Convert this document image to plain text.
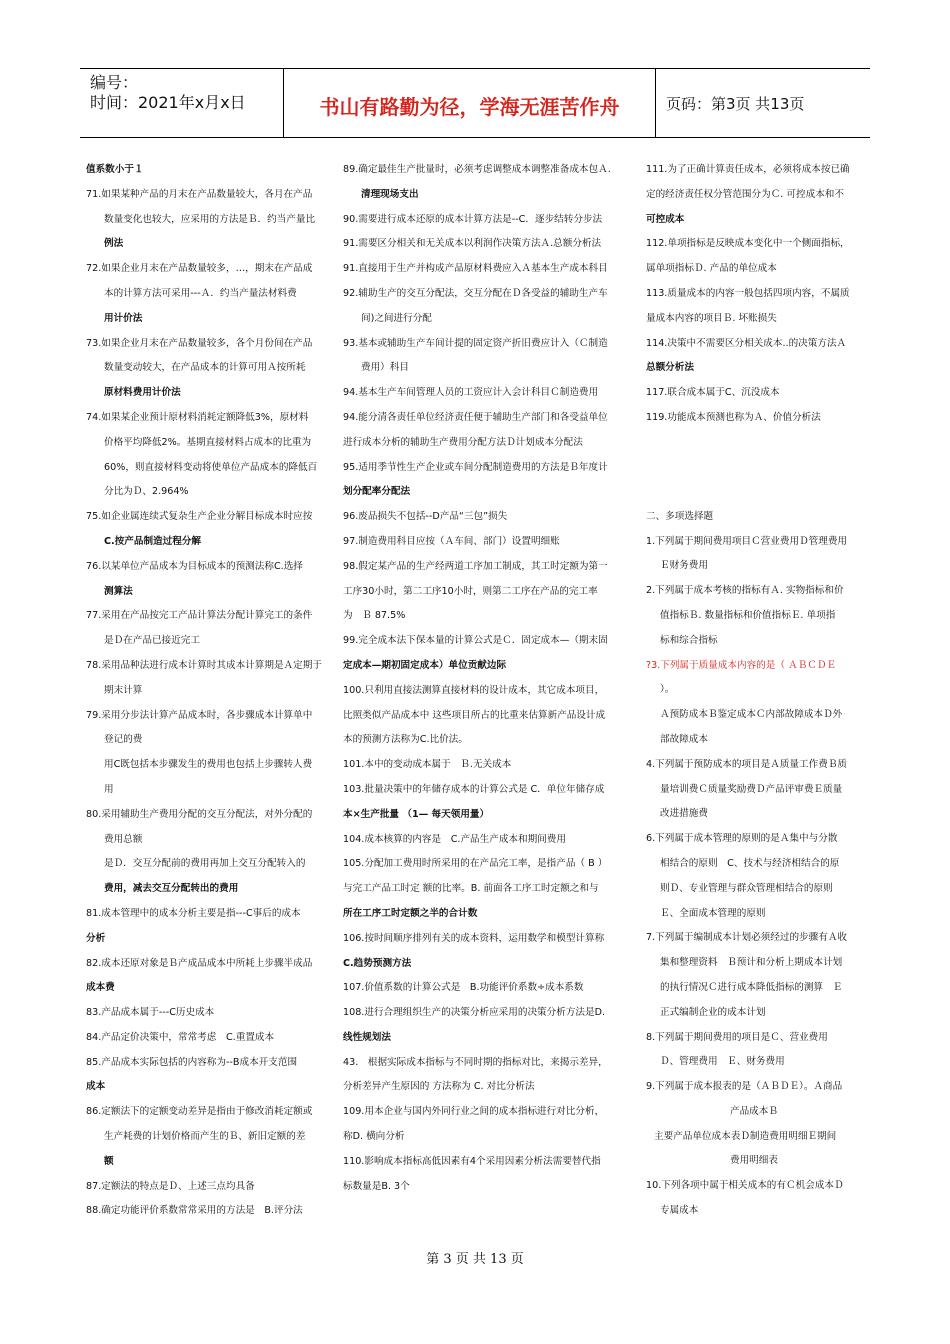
编号：
时间：2021年x月x日	书山有路勤为径，学海无涯苦作舟	页码：第3页 共13页

值系数小于１

71.如果某种产品的月末在产品数量较大，各月在产品

数量变化也较大，应采用的方法是Ｂ．约当产量比

例法

72.如果企业月末在产品数量较多，…，期末在产品成

本的计算方法可采用---Ａ．约当产量法材料费

用计价法

73.如果企业月末在产品数量较多，各个月份间在产品

数量变动较大，在产品成本的计算可用Ａ按所耗

原材料费用计价法

74.如果某企业预计原材料消耗定额降低3%，原材料

价格平均降低2%。基期直接材料占成本的比重为

60%，则直接材料变动将使单位产品成本的降低百

分比为Ｄ、2.964%

75.如企业属连续式复杂生产企业分解目标成本时应按

C.按产品制造过程分解

76.以某单位产品成本为目标成本的预测法称C.选择

测算法

77.采用在产品按完工产品计算法分配计算完工的条件

是Ｄ在产品已接近完工

78.采用品种法进行成本计算时其成本计算期是Ａ定期于

期末计算

79.采用分步法计算产品成本时，各步骤成本计算单中

登记的费

用C既包括本步骤发生的费用也包括上步骤转人费

用

80.采用辅助生产费用分配的交互分配法，对外分配的

费用总额

是Ｄ．交互分配前的费用再加上交互分配转入的

费用，减去交互分配转出的费用

81.成本管理中的成本分析主要是指---C事后的成本

分析

82.成本还原对象是Ｂ产成品成本中所耗上步骤半成品

成本费

83.产品成本属于---C历史成本

84.产品定价决策中，常常考虑　C.重置成本

85.产品成本实际包括的内容称为--B成本开支范围

成本

86.定额法下的定额变动差异是指由于修改消耗定额或

生产耗费的计划价格而产生的Ｂ、新旧定额的差

额

87.定额法的特点是Ｄ、上述三点均具备

88.确定功能评价系数常常采用的方法是　B.评分法

89.确定最佳生产批量时，必须考虑调整成本调整准备成本包Ａ.

清理现场支出

90.需要进行成本还原的成本计算方法是--C．逐步结转分步法

91.需要区分相关和无关成本以利润作决策方法Ａ.总额分析法

91.直接用于生产并构成产品原材料费应入Ａ基本生产成本科目

92.辅助生产的交互分配法，交互分配在Ｄ各受益的辅助生产车

间)之间进行分配

93.基本或辅助生产车间计提的固定资产折旧费应计入（Ｃ制造

费用）科目

94.基本生产车间管理人员的工资应计入会计科目Ｃ制造费用

94.能分清各责任单位经济责任便于辅助生产部门和各受益单位

进行成本分析的辅助生产费用分配方法Ｄ计划成本分配法

95.适用季节性生产企业或车间分配制造费用的方法是Ｂ年度计

划分配率分配法

96.废品损失不包括--D产品“三包”损失

97.制造费用科目应按（Ａ车间、部门）设置明细账

98.假定某产品的生产经两道工序加工制成，其工时定额为第一

工序30小时，第二工序10小时，则第二工序在产品的完工率

为　Ｂ 87.5%

99.完全成本法下保本量的计算公式是Ｃ．固定成本—（期末固

定成本—期初固定成本）单位贡献边际

100.只利用直接法测算直接材料的设计成本，其它成本项目，

比照类似产品成本中 这些项目所占的比重来估算新产品设计成

本的预测方法称为C.比价法。

101.本中的变动成本属于　Ｂ.无关成本

103.批量决策中的年储存成本的计算公式是 C．单位年储存成

本×生产批量 （1— 每天领用量）

104.成本核算的内容是　C.产品生产成本和期间费用

105.分配加工费用时所采用的在产品完工率，是指产品（ B ）

与完工产品工时定 额的比率。B. 前面各工序工时定额之和与

所在工序工时定额之半的合计数

106.按时间顺序排列有关的成本资料，运用数学和模型计算称

C.趋势预测方法

107.价值系数的计算公式是　B.功能评价系数÷成本系数

108.进行合理组织生产的决策分析应采用的决策分析方法是D.

线性规划法

43.　根据实际成本指标与不同时期的指标对比，来揭示差异，

分析差异产生原因的 方法称为 C. 对比分析法

109.用本企业与国内外同行业之间的成本指标进行对比分析，

称D. 横向分析

110.影响成本指标高低因素有4个采用因素分析法需要替代指

标数量是B. 3个

111.为了正确计算责任成本，必须将成本按已确

定的经济责任权分管范围分为Ｃ. 可控成本和不

可控成本

112.单项指标是反映成本变化中一个侧面指标，

属单项指标Ｄ. 产品的单位成本

113.质量成本的内容一般包括四项内容，不属质

量成本内容的项目Ｂ. 坏账损失

114.决策中不需要区分相关成本..的决策方法Ａ

总额分析法

117.联合成本属于C、沉没成本

119.功能成本预测也称为Ａ、价值分析法

二、多项选择题

1.下列属于期间费用项目Ｃ营业费用Ｄ管理费用

Ｅ财务费用

2.下列属于成本考核的指标有Ａ. 实物指标和价

值指标Ｂ. 数量指标和价值指标Ｅ. 单项指

标和综合指标

?3.下列属于质量成本内容的是（ ＡＢＣＤＥ

）。

Ａ预防成本Ｂ鉴定成本Ｃ内部故障成本Ｄ外

部故障成本

4.下列属于预防成本的项目是Ａ质量工作费Ｂ质

量培训费Ｃ质量奖励费Ｄ产品评审费Ｅ质量

改进措施费

6.下列属于成本管理的原则的是Ａ集中与分散

相结合的原则　C、技术与经济相结合的原

则Ｄ、专业管理与群众管理相结合的原则

Ｅ、全面成本管理的原则

7.下列属于编制成本计划必须经过的步骤有Ａ收

集和整理资料　Ｂ预计和分析上期成本计划

的执行情况Ｃ进行成本降低指标的测算　Ｅ

正式编制企业的成本计划

8.下列属于期间费用的项目是Ｃ、营业费用

Ｄ、管理费用　Ｅ、财务费用

9.下列属于成本报表的是（ＡＢＤＥ）。Ａ商品

产品成本Ｂ

主要产品单位成本表Ｄ制造费用明细Ｅ期间

费用明细表

10.下列各项中属于相关成本的有Ｃ机会成本Ｄ

专属成本

第 3 页 共 13 页
